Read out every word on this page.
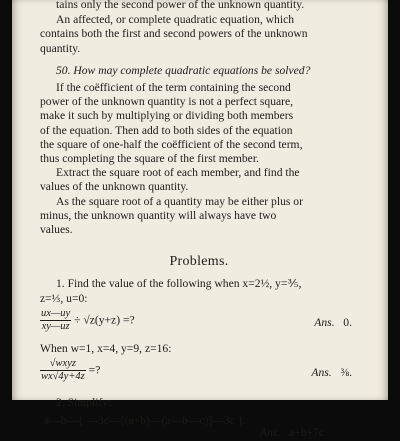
tains only the second power of the unknown quantity.

An affected, or complete quadratic equation, which

contains both the first and second powers of the unknown

quantity.

50. How may complete quadratic equations be solved?

If the coëfficient of the term containing the second

power of the unknown quantity is not a perfect square,

make it such by multiplying or dividing both members

of the equation. Then add to both sides of the equation

the square of one-half the coëfficient of the second term,

thus completing the square of the first member.

Extract the square root of each member, and find the

values of the unknown quantity.

As the square root of a quantity may be either plus or

minus, the unknown quantity will always have two

values.

Problems.

1. Find the value of the following when x=2½, y=⅗,

z=⅓, u=0:

$\frac{ux—uy}{xy—uz} \div √z(y+z)$ =?	Ans. 0.

When w=1, x=4, y=9, z=16:

$\frac{\text{√wxyz}}{wx√4y+4z}$ =?	Ans. ⅜.

2. Simplify:

a—b—{ —3c—[(a+b)—(a—b—c)]—3c }.

Ans. a+b+7c
